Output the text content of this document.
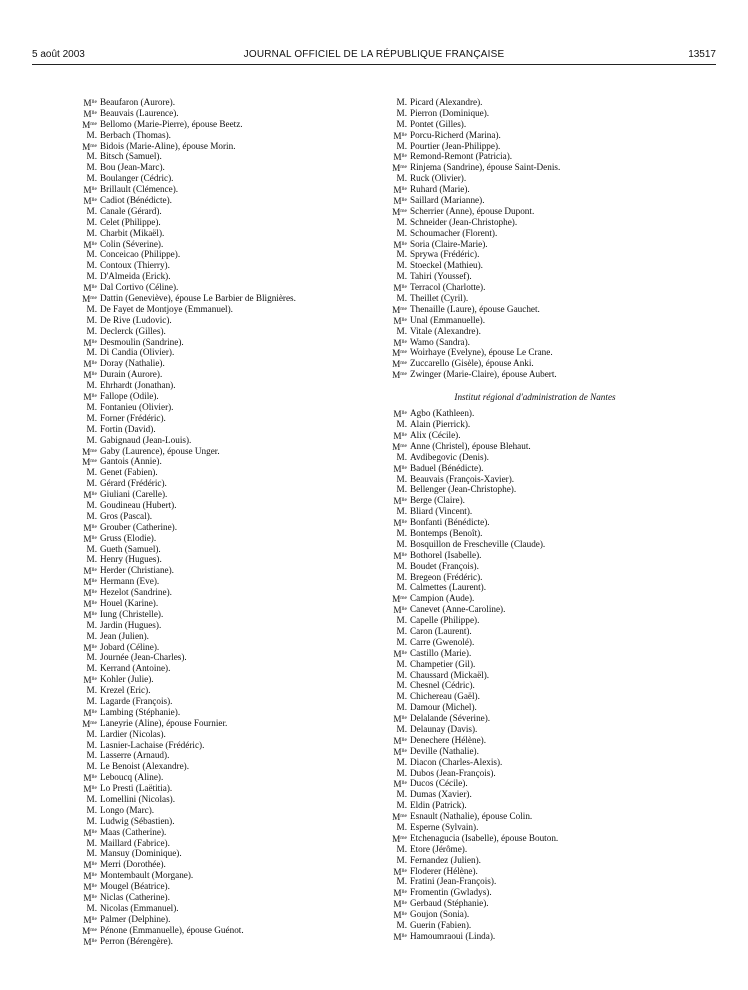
5 août 2003	JOURNAL OFFICIEL DE LA RÉPUBLIQUE FRANÇAISE	13517
$M^{lle}$ Beaufaron (Aurore).
$M^{lle}$ Beauvais (Laurence).
$M^{me}$ Bellomo (Marie-Pierre), épouse Beetz.
M. Berbach (Thomas).
$M^{me}$ Bidois (Marie-Aline), épouse Morin.
M. Bitsch (Samuel).
M. Bou (Jean-Marc).
M. Boulanger (Cédric).
$M^{lle}$ Brillault (Clémence).
$M^{lle}$ Cadiot (Bénédicte).
M. Canale (Gérard).
M. Celet (Philippe).
M. Charbit (Mikaël).
$M^{lle}$ Colin (Séverine).
M. Conceicao (Philippe).
M. Contoux (Thierry).
M. D'Almeida (Erick).
$M^{lle}$ Dal Cortivo (Céline).
$M^{me}$ Dattin (Geneviève), épouse Le Barbier de Blignières.
M. De Fayet de Montjoye (Emmanuel).
M. De Rive (Ludovic).
M. Declerck (Gilles).
$M^{lle}$ Desmoulin (Sandrine).
M. Di Candia (Olivier).
$M^{lle}$ Doray (Nathalie).
$M^{lle}$ Durain (Aurore).
M. Ehrhardt (Jonathan).
$M^{lle}$ Fallope (Odile).
M. Fontanieu (Olivier).
M. Forner (Frédéric).
M. Fortin (David).
M. Gabignaud (Jean-Louis).
$M^{me}$ Gaby (Laurence), épouse Unger.
$M^{me}$ Gantois (Annie).
M. Genet (Fabien).
M. Gérard (Frédéric).
$M^{lle}$ Giuliani (Carelle).
M. Goudineau (Hubert).
M. Gros (Pascal).
$M^{lle}$ Grouber (Catherine).
$M^{lle}$ Gruss (Elodie).
M. Gueth (Samuel).
M. Henry (Hugues).
$M^{lle}$ Herder (Christiane).
$M^{lle}$ Hermann (Eve).
$M^{lle}$ Hezelot (Sandrine).
$M^{lle}$ Houel (Karine).
$M^{lle}$ Iung (Christelle).
M. Jardin (Hugues).
M. Jean (Julien).
$M^{lle}$ Jobard (Céline).
M. Journée (Jean-Charles).
M. Kerrand (Antoine).
$M^{lle}$ Kohler (Julie).
M. Krezel (Eric).
M. Lagarde (François).
$M^{lle}$ Lambing (Stéphanie).
$M^{me}$ Laneyrie (Aline), épouse Fournier.
M. Lardier (Nicolas).
M. Lasnier-Lachaise (Frédéric).
M. Lasserre (Arnaud).
M. Le Benoist (Alexandre).
$M^{lle}$ Leboucq (Aline).
$M^{lle}$ Lo Presti (Laëtitia).
M. Lomellini (Nicolas).
M. Longo (Marc).
M. Ludwig (Sébastien).
$M^{lle}$ Maas (Catherine).
M. Maillard (Fabrice).
M. Mansuy (Dominique).
$M^{lle}$ Merri (Dorothée).
$M^{lle}$ Montembault (Morgane).
$M^{lle}$ Mougel (Béatrice).
$M^{lle}$ Niclas (Catherine).
M. Nicolas (Emmanuel).
$M^{lle}$ Palmer (Delphine).
$M^{me}$ Pénone (Emmanuelle), épouse Guénot.
$M^{lle}$ Perron (Bérengère).
M. Picard (Alexandre).
M. Pierron (Dominique).
M. Pontet (Gilles).
$M^{lle}$ Porcu-Richerd (Marina).
M. Pourtier (Jean-Philippe).
$M^{lle}$ Remond-Remont (Patricia).
$M^{me}$ Rinjema (Sandrine), épouse Saint-Denis.
M. Ruck (Olivier).
$M^{lle}$ Ruhard (Marie).
$M^{lle}$ Saillard (Marianne).
$M^{me}$ Scherrier (Anne), épouse Dupont.
M. Schneider (Jean-Christophe).
M. Schoumacher (Florent).
$M^{lle}$ Soria (Claire-Marie).
M. Sprywa (Frédéric).
M. Stoeckel (Mathieu).
M. Tahiri (Youssef).
$M^{lle}$ Terracol (Charlotte).
M. Theillet (Cyril).
$M^{me}$ Thenaille (Laure), épouse Gauchet.
$M^{lle}$ Unal (Emmanuelle).
M. Vitale (Alexandre).
$M^{lle}$ Wamo (Sandra).
$M^{me}$ Woirhaye (Evelyne), épouse Le Crane.
$M^{me}$ Zuccarello (Gisèle), épouse Anki.
$M^{me}$ Zwinger (Marie-Claire), épouse Aubert.
Institut régional d'administration de Nantes
$M^{lle}$ Agbo (Kathleen).
M. Alain (Pierrick).
$M^{lle}$ Alix (Cécile).
$M^{me}$ Anne (Christel), épouse Blehaut.
M. Avdibegovic (Denis).
$M^{lle}$ Baduel (Bénédicte).
M. Beauvais (François-Xavier).
M. Bellenger (Jean-Christophe).
$M^{lle}$ Berge (Claire).
M. Bliard (Vincent).
$M^{lle}$ Bonfanti (Bénédicte).
M. Bontemps (Benoît).
M. Bosquillon de Frescheville (Claude).
$M^{lle}$ Bothorel (Isabelle).
M. Boudet (François).
M. Bregeon (Frédéric).
M. Calmettes (Laurent).
$M^{me}$ Campion (Aude).
$M^{lle}$ Canevet (Anne-Caroline).
M. Capelle (Philippe).
M. Caron (Laurent).
M. Carre (Gwenolé).
$M^{lle}$ Castillo (Marie).
M. Champetier (Gil).
M. Chaussard (Mickaël).
M. Chesnel (Cédric).
M. Chichereau (Gaël).
M. Damour (Michel).
$M^{lle}$ Delalande (Séverine).
M. Delaunay (Davis).
$M^{lle}$ Denechere (Hélène).
$M^{lle}$ Deville (Nathalie).
M. Diacon (Charles-Alexis).
M. Dubos (Jean-François).
$M^{lle}$ Ducos (Cécile).
M. Dumas (Xavier).
M. Eldin (Patrick).
$M^{me}$ Esnault (Nathalie), épouse Colin.
M. Esperne (Sylvain).
$M^{me}$ Etchenagucia (Isabelle), épouse Bouton.
M. Etore (Jérôme).
M. Fernandez (Julien).
$M^{lle}$ Floderer (Hélène).
M. Fratini (Jean-François).
$M^{lle}$ Fromentin (Gwladys).
$M^{lle}$ Gerbaud (Stéphanie).
$M^{lle}$ Goujon (Sonia).
M. Guerin (Fabien).
$M^{lle}$ Hamoumraoui (Linda).
